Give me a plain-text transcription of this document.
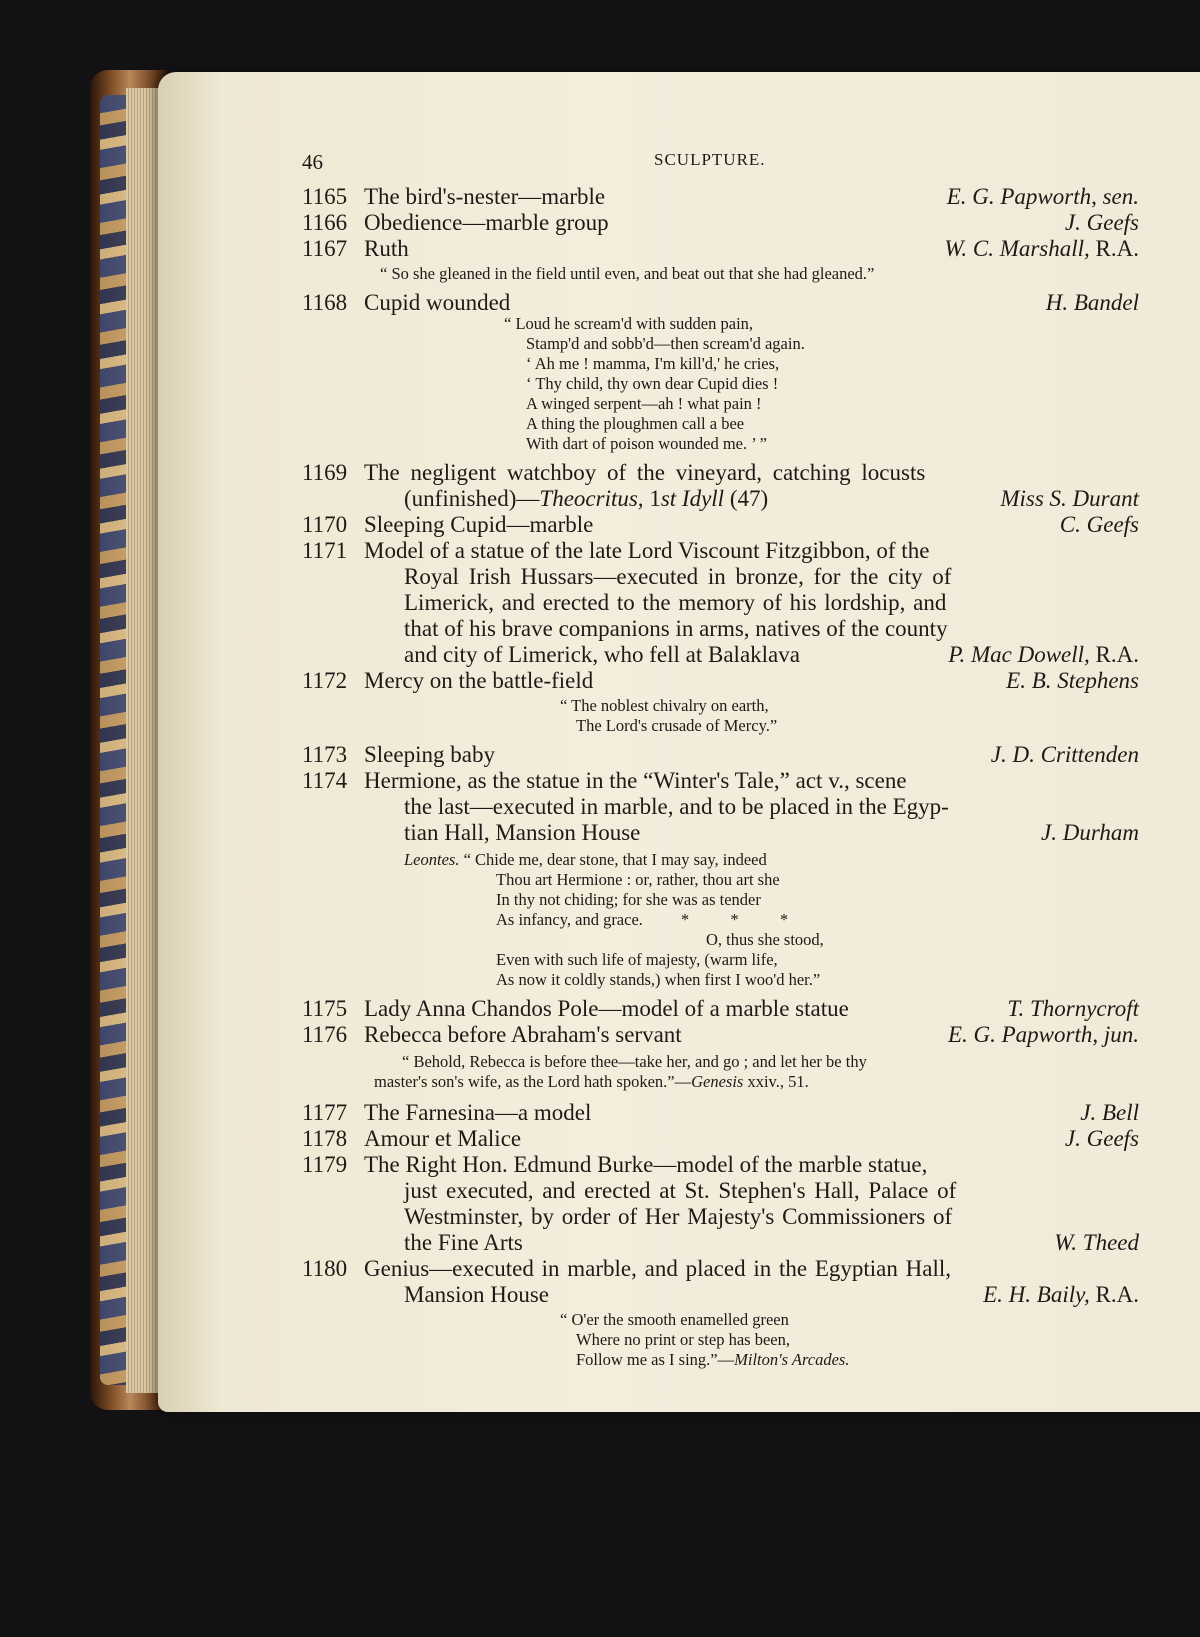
46	SCULPTURE.
1165 The bird's-nester—marble	E. G. Papworth, sen.
1166 Obedience—marble group	J. Geefs
1167 Ruth	W. C. Marshall, R.A.
“ So she gleaned in the field until even, and beat out that she had gleaned.”
1168 Cupid wounded	H. Bandel
“ Loud he scream'd with sudden pain,
Stamp'd and sobb'd—then scream'd again.
‘ Ah me ! mamma, I'm kill'd,' he cries,
‘ Thy child, thy own dear Cupid dies !
A winged serpent—ah ! what pain !
A thing the ploughmen call a bee
With dart of poison wounded me. ’ ”
1169 The negligent watchboy of the vineyard, catching locusts
(unfinished)—Theocritus, 1st Idyll (47)	Miss S. Durant
1170 Sleeping Cupid—marble	C. Geefs
1171 Model of a statue of the late Lord Viscount Fitzgibbon, of the
Royal Irish Hussars—executed in bronze, for the city of
Limerick, and erected to the memory of his lordship, and
that of his brave companions in arms, natives of the county
and city of Limerick, who fell at Balaklava	P. Mac Dowell, R.A.
1172 Mercy on the battle-field	E. B. Stephens
“ The noblest chivalry on earth,
The Lord's crusade of Mercy.”
1173 Sleeping baby	J. D. Crittenden
1174 Hermione, as the statue in the “Winter's Tale,” act v., scene
the last—executed in marble, and to be placed in the Egyp-
tian Hall, Mansion House	J. Durham
Leontes. “ Chide me, dear stone, that I may say, indeed
Thou art Hermione : or, rather, thou art she
In thy not chiding; for she was as tender
As infancy, and grace. *          *          *
O, thus she stood,
Even with such life of majesty, (warm life,
As now it coldly stands,) when first I woo'd her.”
1175 Lady Anna Chandos Pole—model of a marble statue	T. Thornycroft
1176 Rebecca before Abraham's servant	E. G. Papworth, jun.
“ Behold, Rebecca is before thee—take her, and go ; and let her be thy
master's son's wife, as the Lord hath spoken.”—Genesis xxiv., 51.
1177 The Farnesina—a model	J. Bell
1178 Amour et Malice	J. Geefs
1179 The Right Hon. Edmund Burke—model of the marble statue,
just executed, and erected at St. Stephen's Hall, Palace of
Westminster, by order of Her Majesty's Commissioners of
the Fine Arts	W. Theed
1180 Genius—executed in marble, and placed in the Egyptian Hall,
Mansion House	E. H. Baily, R.A.
“ O'er the smooth enamelled green
Where no print or step has been,
Follow me as I sing.”—Milton's Arcades.
